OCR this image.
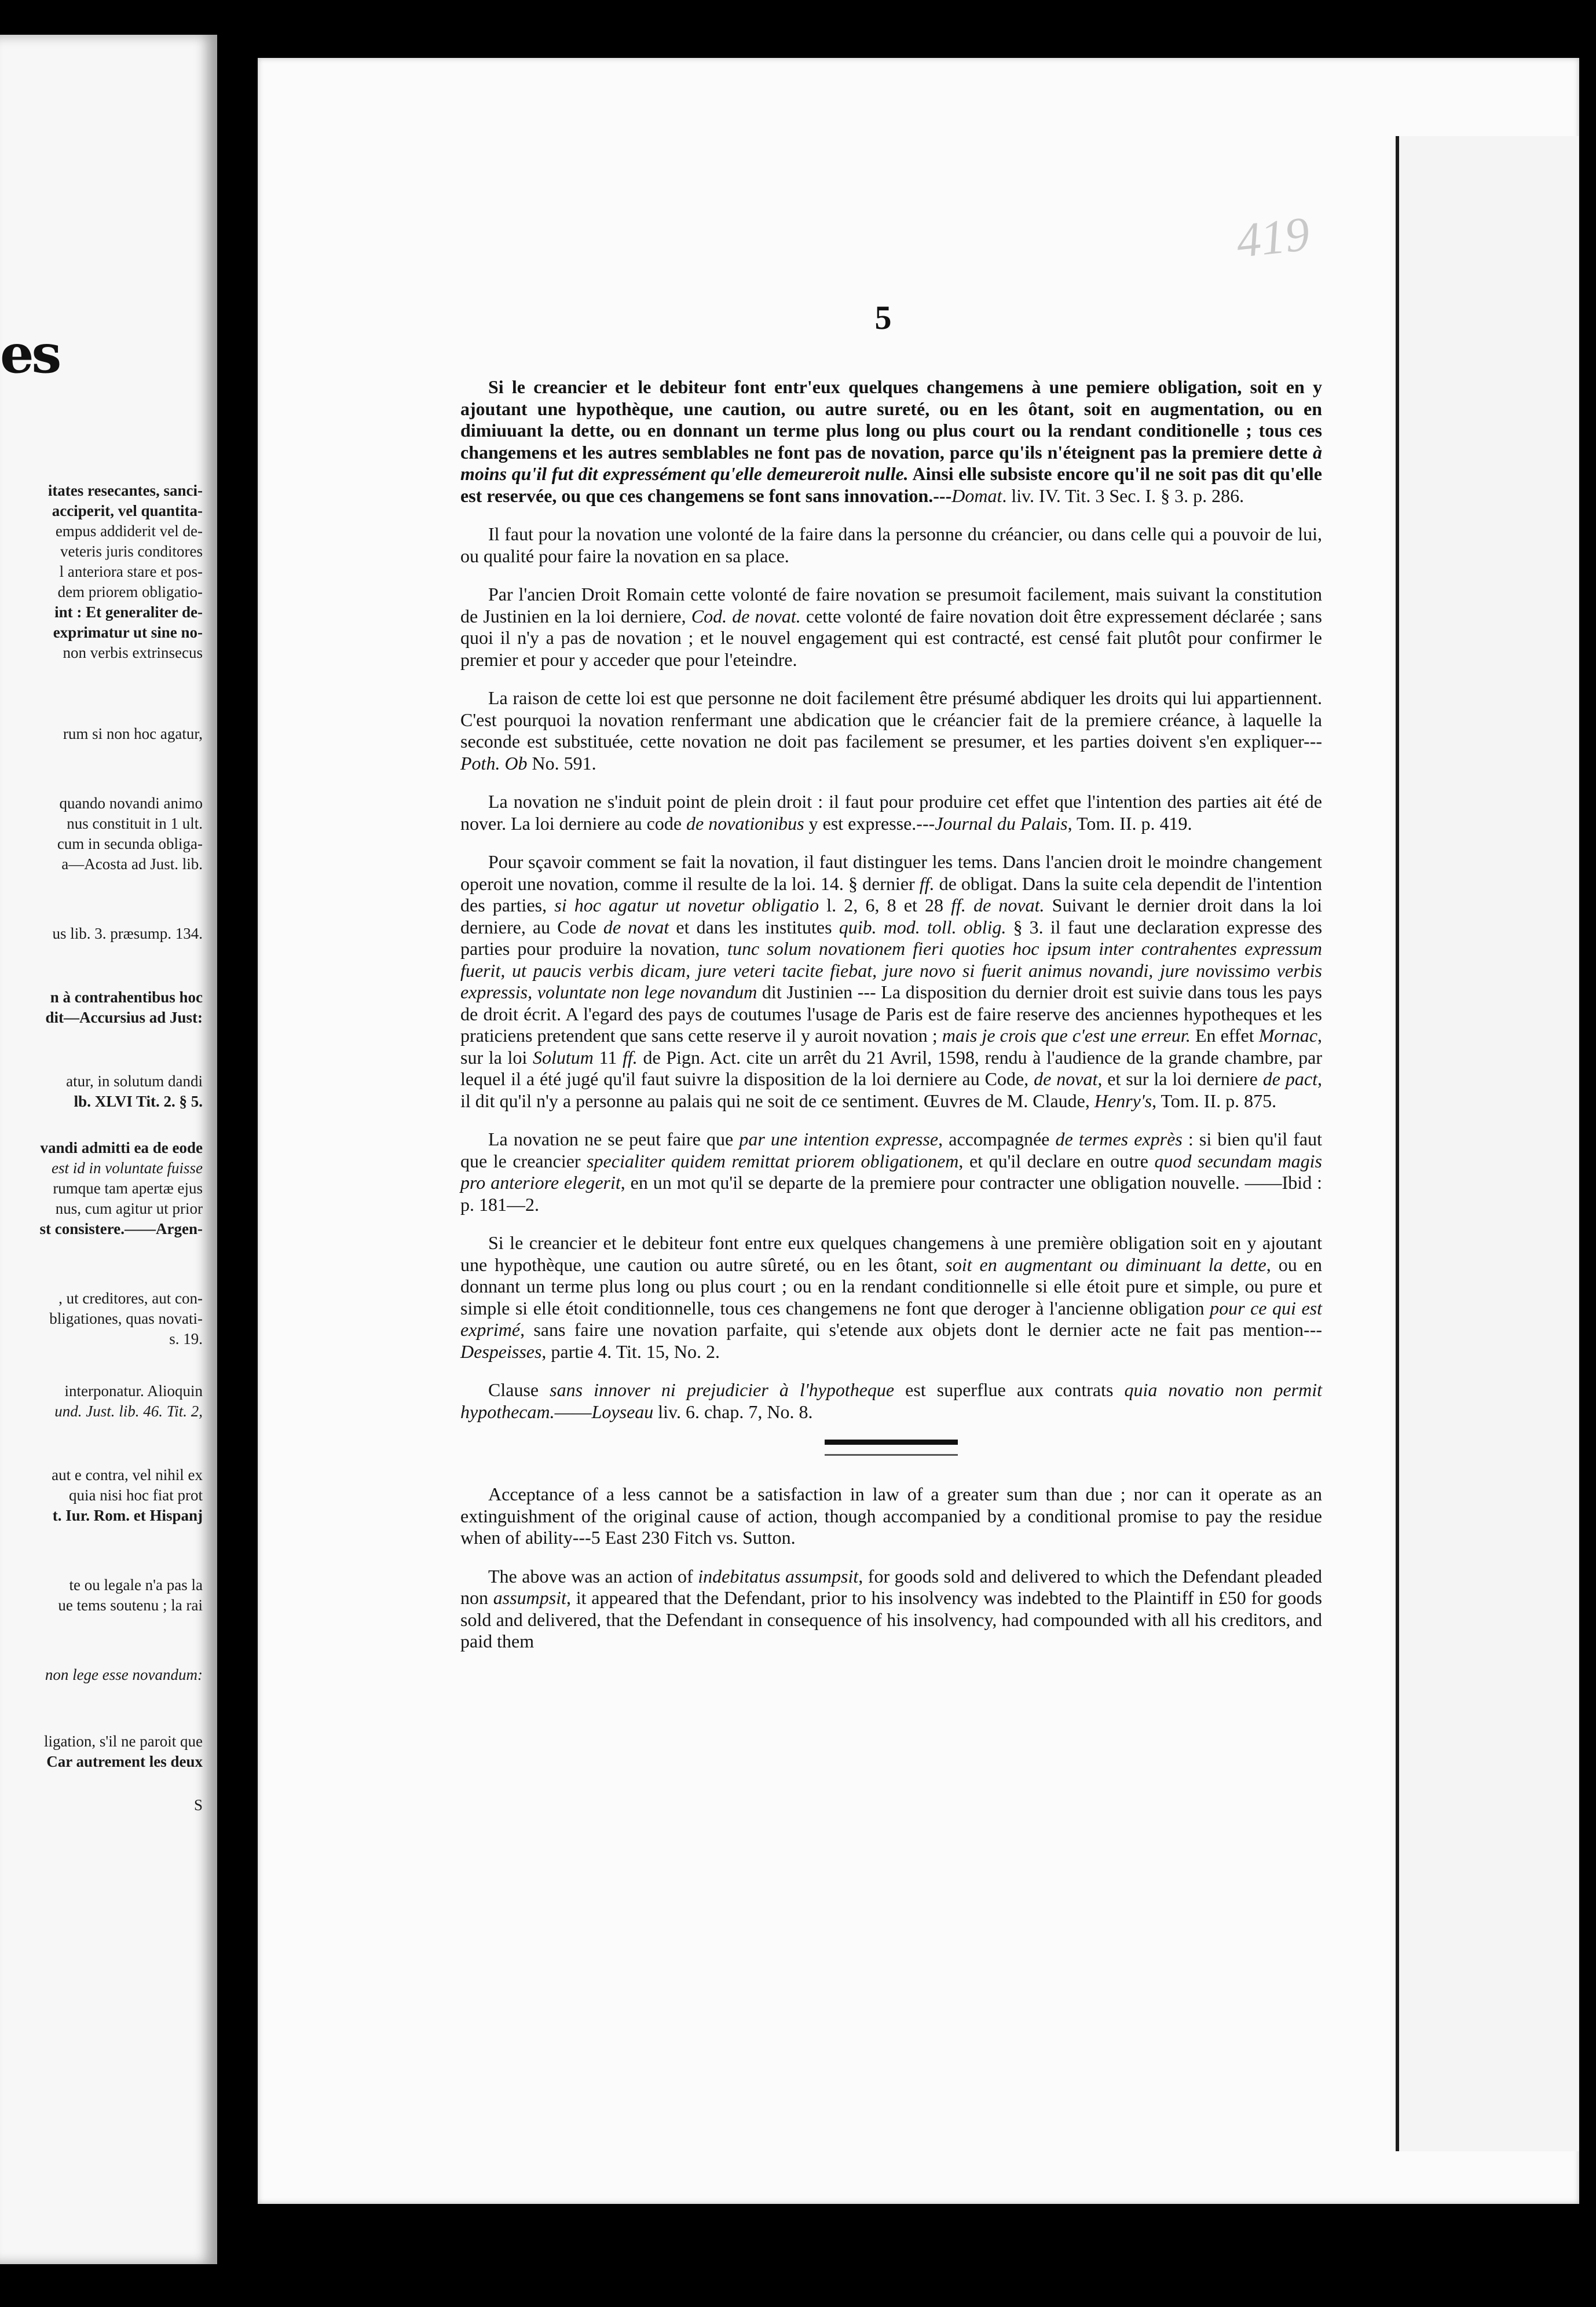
es
itates resecantes, sanci-
acciperit, vel quantita-
empus addiderit vel de-
veteris juris conditores
l anteriora stare et pos-
dem priorem obligatio-
int : Et generaliter de-
exprimatur ut sine no-
non verbis extrinsecus
rum si non hoc agatur,
quando novandi animo
nus constituit in 1 ult.
cum in secunda obliga-
a—Acosta ad Just. lib.
us lib. 3. præsump. 134.
n à contrahentibus hoc
dit—Accursius ad Just:
atur, in solutum dandi
lb. XLVI Tit. 2. § 5.
vandi admitti ea de eode
est id in voluntate fuisse
rumque tam apertæ ejus
nus, cum agitur ut prior
st consistere.——Argen-
, ut creditores, aut con-
bligationes, quas novati-
s. 19.
interponatur. Alioquin
und. Just. lib. 46. Tit. 2,
aut e contra, vel nihil ex
quia nisi hoc fiat prot
t. Iur. Rom. et Hispanj
te ou legale n'a pas la
ue tems soutenu ; la rai
non lege esse novandum:
ligation, s'il ne paroit que
Car autrement les deux
S
419
5

Si le creancier et le debiteur font entr'eux quelques changemens à une pemiere obligation, soit en y ajoutant une hypothèque, une caution, ou autre sureté, ou en les ôtant, soit en augmentation, ou en dimiuuant la dette, ou en donnant un terme plus long ou plus court ou la rendant conditionelle ; tous ces changemens et les autres semblables ne font pas de novation, parce qu'ils n'éteignent pas la premiere dette à moins qu'il fut dit expressément qu'elle demeureroit nulle. Ainsi elle subsiste encore qu'il ne soit pas dit qu'elle est reservée, ou que ces changemens se font sans innovation.---Domat. liv. IV. Tit. 3 Sec. I. § 3. p. 286.

Il faut pour la novation une volonté de la faire dans la personne du créancier, ou dans celle qui a pouvoir de lui, ou qualité pour faire la novation en sa place.

Par l'ancien Droit Romain cette volonté de faire novation se presumoit facilement, mais suivant la constitution de Justinien en la loi derniere, Cod. de novat. cette volonté de faire novation doit être expressement déclarée ; sans quoi il n'y a pas de novation ; et le nouvel engagement qui est contracté, est censé fait plutôt pour confirmer le premier et pour y acceder que pour l'eteindre.

La raison de cette loi est que personne ne doit facilement être présumé abdiquer les droits qui lui appartiennent. C'est pourquoi la novation renfermant une abdication que le créancier fait de la premiere créance, à laquelle la seconde est substituée, cette novation ne doit pas facilement se presumer, et les parties doivent s'en expliquer---Poth. Ob No. 591.

La novation ne s'induit point de plein droit : il faut pour produire cet effet que l'intention des parties ait été de nover. La loi derniere au code de novationibus y est expresse.---Journal du Palais, Tom. II. p. 419.

Pour sçavoir comment se fait la novation, il faut distinguer les tems. Dans l'ancien droit le moindre changement operoit une novation, comme il resulte de la loi. 14. § dernier ff. de obligat. Dans la suite cela dependit de l'intention des parties, si hoc agatur ut novetur obligatio l. 2, 6, 8 et 28 ff. de novat. Suivant le dernier droit dans la loi derniere, au Code de novat et dans les institutes quib. mod. toll. oblig. § 3. il faut une declaration expresse des parties pour produire la novation, tunc solum novationem fieri quoties hoc ipsum inter contrahentes expressum fuerit, ut paucis verbis dicam, jure veteri tacite fiebat, jure novo si fuerit animus novandi, jure novissimo verbis expressis, voluntate non lege novandum dit Justinien --- La disposition du dernier droit est suivie dans tous les pays de droit écrit. A l'egard des pays de coutumes l'usage de Paris est de faire reserve des anciennes hypotheques et les praticiens pretendent que sans cette reserve il y auroit novation ; mais je crois que c'est une erreur. En effet Mornac, sur la loi Solutum 11 ff. de Pign. Act. cite un arrêt du 21 Avril, 1598, rendu à l'audience de la grande chambre, par lequel il a été jugé qu'il faut suivre la disposition de la loi derniere au Code, de novat, et sur la loi derniere de pact, il dit qu'il n'y a personne au palais qui ne soit de ce sentiment. Œuvres de M. Claude, Henry's, Tom. II. p. 875.

La novation ne se peut faire que par une intention expresse, accompagnée de termes exprès : si bien qu'il faut que le creancier specialiter quidem remittat priorem obligationem, et qu'il declare en outre quod secundam magis pro anteriore elegerit, en un mot qu'il se departe de la premiere pour contracter une obligation nouvelle. ——Ibid : p. 181—2.

Si le creancier et le debiteur font entre eux quelques changemens à une première obligation soit en y ajoutant une hypothèque, une caution ou autre sûreté, ou en les ôtant, soit en augmentant ou diminuant la dette, ou en donnant un terme plus long ou plus court ; ou en la rendant conditionnelle si elle étoit pure et simple, ou pure et simple si elle étoit conditionnelle, tous ces changemens ne font que deroger à l'ancienne obligation pour ce qui est exprimé, sans faire une novation parfaite, qui s'etende aux objets dont le dernier acte ne fait pas mention---Despeisses, partie 4. Tit. 15, No. 2.

Clause sans innover ni prejudicier à l'hypotheque est superflue aux contrats quia novatio non permit hypothecam.——Loyseau liv. 6. chap. 7, No. 8.

Acceptance of a less cannot be a satisfaction in law of a greater sum than due ; nor can it operate as an extinguishment of the original cause of action, though accompanied by a conditional promise to pay the residue when of ability---5 East 230 Fitch vs. Sutton.

The above was an action of indebitatus assumpsit, for goods sold and delivered to which the Defendant pleaded non assumpsit, it appeared that the Defendant, prior to his insolvency was indebted to the Plaintiff in £50 for goods sold and delivered, that the Defendant in consequence of his insolvency, had compounded with all his creditors, and paid them
